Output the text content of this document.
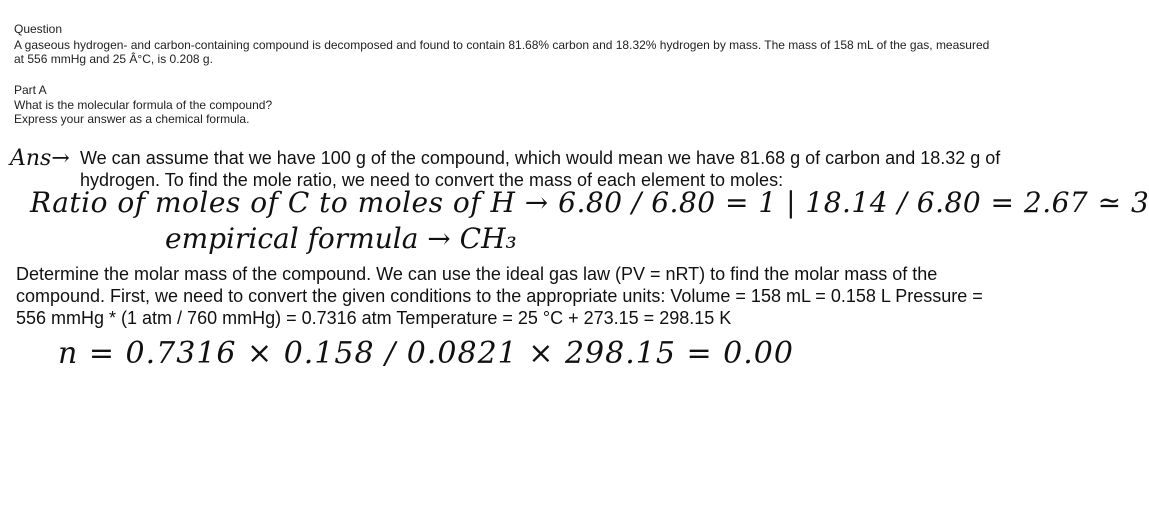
Question

A gaseous hydrogen- and carbon-containing compound is decomposed and found to contain 81.68% carbon and 18.32% hydrogen by mass. The mass of 158 mL of the gas, measured at 556 mmHg and 25 Â°C, is 0.208 g.

Part A

What is the molecular formula of the compound?
Express your answer as a chemical formula.

Ans→ We can assume that we have 100 g of the compound, which would mean we have 81.68 g of carbon and 18.32 g of hydrogen. To find the mole ratio, we need to convert the mass of each element to moles:

Ratio of moles of C to moles of H → 6.80 / 6.80 = 1 | 18.14 / 6.80 = 2.67 ≃ 3

empirical formula → CH₃

Determine the molar mass of the compound. We can use the ideal gas law (PV = nRT) to find the molar mass of the compound. First, we need to convert the given conditions to the appropriate units: Volume = 158 mL = 0.158 L Pressure = 556 mmHg * (1 atm / 760 mmHg) = 0.7316 atm Temperature = 25 °C + 273.15 = 298.15 K

n = 0.7316 × 0.158 / 0.0821 × 298.15 = 0.00
